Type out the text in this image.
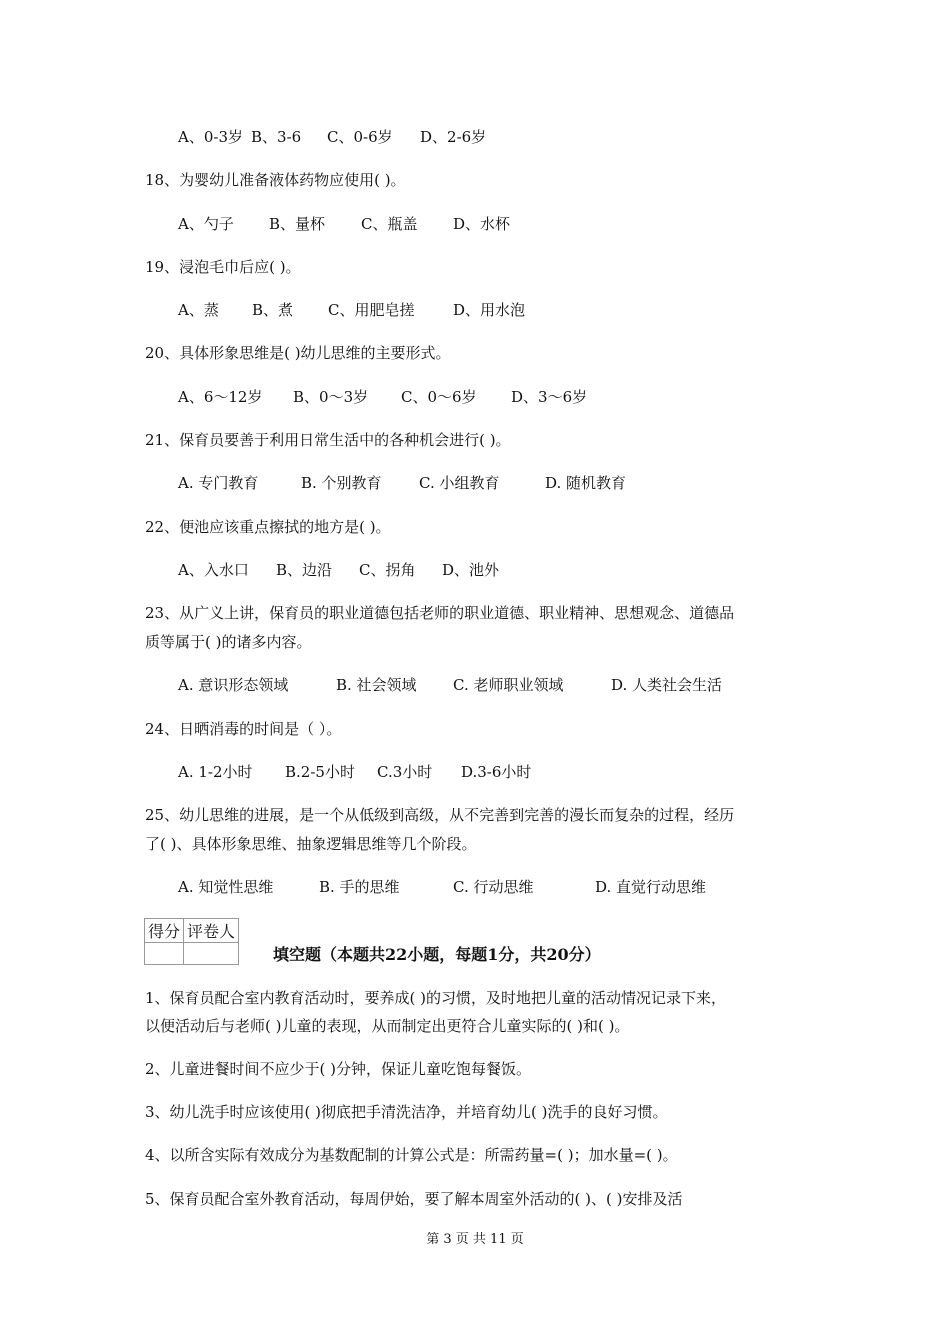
A、0-3岁 B、3-6 C、0-6岁 D、2-6岁
18、为婴幼儿准备液体药物应使用( )。
A、勺子 B、量杯 C、瓶盖 D、水杯
19、浸泡毛巾后应( )。
A、蒸 B、煮 C、用肥皂搓	D、用水泡
20、具体形象思维是( )幼儿思维的主要形式。
A、6～12岁 B、0～3岁 C、0～6岁 D、3～6岁
21、保育员要善于利用日常生活中的各种机会进行( )。
A. 专门教育	B. 个别教育 C. 小组教育	D. 随机教育
22、便池应该重点擦拭的地方是( )。
A、入水口 B、边沿 C、拐角 D、池外
23、从广义上讲，保育员的职业道德包括老师的职业道德、职业精神、思想观念、道德品
质等属于( )的诸多内容。
A. 意识形态领域	B. 社会领域 C. 老师职业领域	D. 人类社会生活
24、日晒消毒的时间是（ ）。
A. 1-2小时 B.2-5小时 C.3小时 D.3-6小时
25、幼儿思维的进展，是一个从低级到高级，从不完善到完善的漫长而复杂的过程，经历
了( )、具体形象思维、抽象逻辑思维等几个阶段。
A. 知觉性思维	B. 手的思维	C. 行动思维	D. 直觉行动思维
得分	评卷人

填空题（本题共22小题，每题1分，共20分）
1、保育员配合室内教育活动时，要养成( )的习惯，及时地把儿童的活动情况记录下来，
以便活动后与老师( )儿童的表现，从而制定出更符合儿童实际的( )和( )。
2、儿童进餐时间不应少于( )分钟，保证儿童吃饱每餐饭。
3、幼儿洗手时应该使用( )彻底把手清洗洁净，并培育幼儿( )洗手的良好习惯。
4、以所含实际有效成分为基数配制的计算公式是：所需药量=( )；加水量=( )。
5、保育员配合室外教育活动，每周伊始，要了解本周室外活动的( )、( )安排及活
第 3 页 共 11 页
